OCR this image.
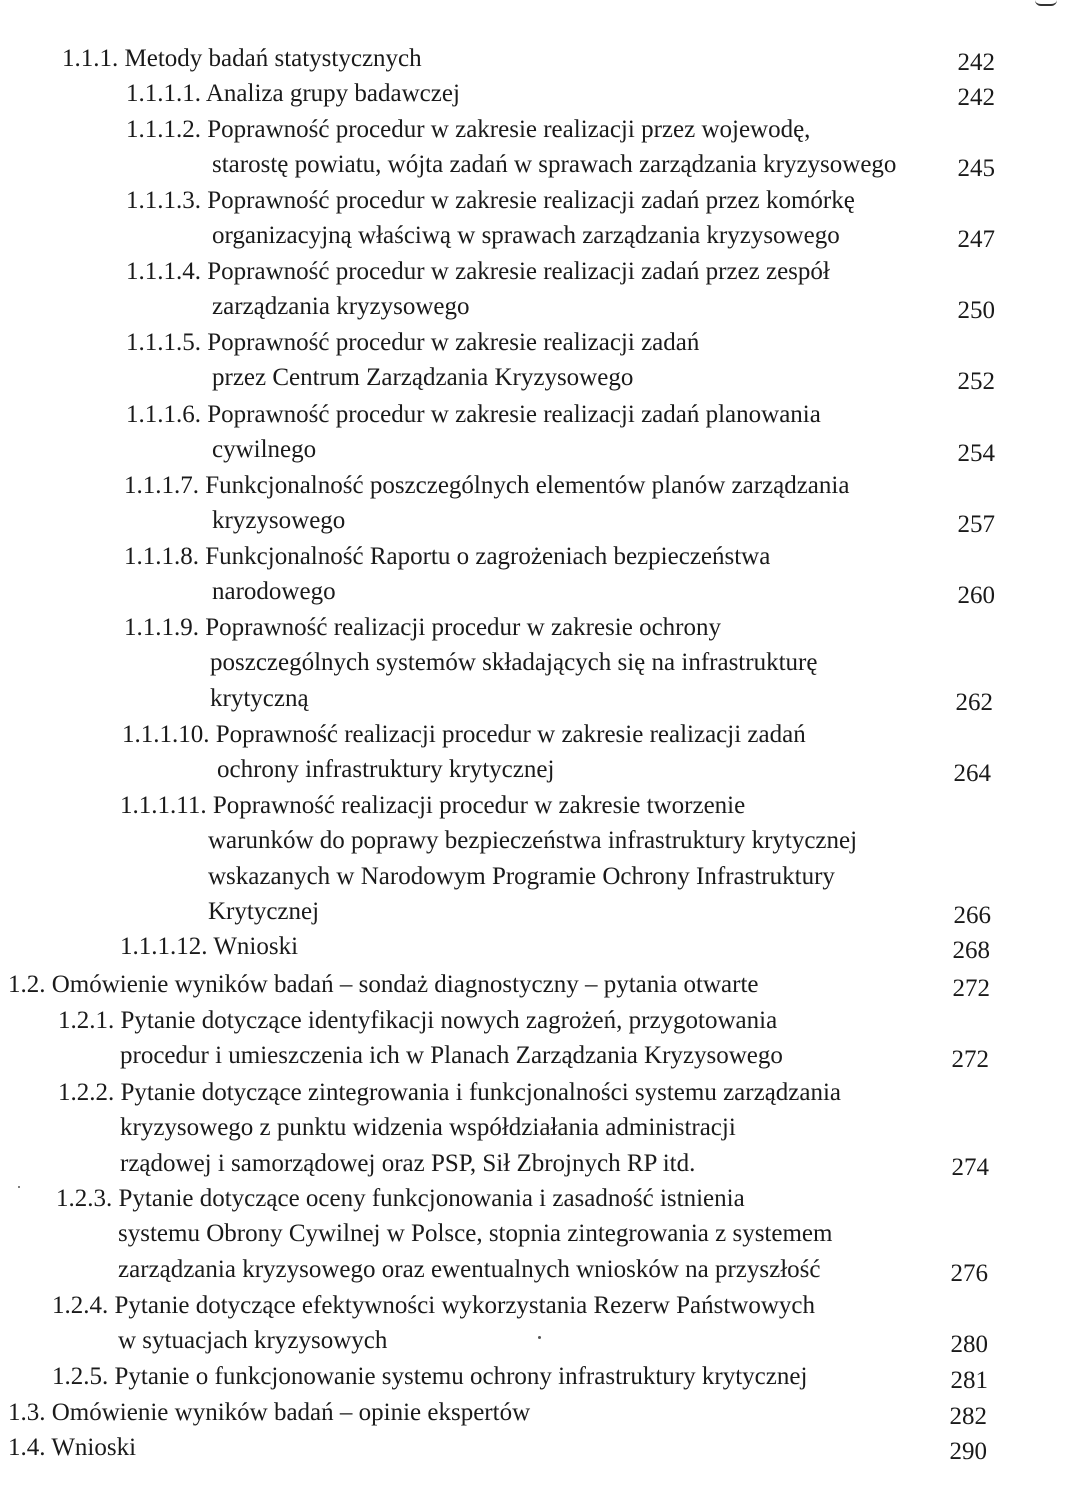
1.1.1. Metody badań statystycznych	242
1.1.1.1. Analiza grupy badawczej	242
1.1.1.2. Poprawność procedur w zakresie realizacji przez wojewodę,
starostę powiatu, wójta zadań w sprawach zarządzania kryzysowego 245
1.1.1.3. Poprawność procedur w zakresie realizacji zadań przez komórkę
organizacyjną właściwą w sprawach zarządzania kryzysowego	247
1.1.1.4. Poprawność procedur w zakresie realizacji zadań przez zespół
zarządzania kryzysowego	250
1.1.1.5. Poprawność procedur w zakresie realizacji zadań
przez Centrum Zarządzania Kryzysowego	252
1.1.1.6. Poprawność procedur w zakresie realizacji zadań planowania
cywilnego	254
1.1.1.7. Funkcjonalność poszczególnych elementów planów zarządzania
kryzysowego	257
1.1.1.8. Funkcjonalność Raportu o zagrożeniach bezpieczeństwa
narodowego	260
1.1.1.9. Poprawność realizacji procedur w zakresie ochrony
poszczególnych systemów składających się na infrastrukturę
krytyczną	262
1.1.1.10. Poprawność realizacji procedur w zakresie realizacji zadań
ochrony infrastruktury krytycznej	264
1.1.1.11. Poprawność realizacji procedur w zakresie tworzenie
warunków do poprawy bezpieczeństwa infrastruktury krytycznej
wskazanych w Narodowym Programie Ochrony Infrastruktury
Krytycznej	266
1.1.1.12. Wnioski	268
1.2. Omówienie wyników badań – sondaż diagnostyczny – pytania otwarte	272
1.2.1. Pytanie dotyczące identyfikacji nowych zagrożeń, przygotowania
procedur i umieszczenia ich w Planach Zarządzania Kryzysowego	272
1.2.2. Pytanie dotyczące zintegrowania i funkcjonalności systemu zarządzania
kryzysowego z punktu widzenia współdziałania administracji
rządowej i samorządowej oraz PSP, Sił Zbrojnych RP itd.	274
1.2.3. Pytanie dotyczące oceny funkcjonowania i zasadność istnienia
systemu Obrony Cywilnej w Polsce, stopnia zintegrowania z systemem
zarządzania kryzysowego oraz ewentualnych wniosków na przyszłość	276
1.2.4. Pytanie dotyczące efektywności wykorzystania Rezerw Państwowych
w sytuacjach kryzysowych	280
1.2.5. Pytanie o funkcjonowanie systemu ochrony infrastruktury krytycznej	281
1.3. Omówienie wyników badań – opinie ekspertów	282
1.4. Wnioski	290
